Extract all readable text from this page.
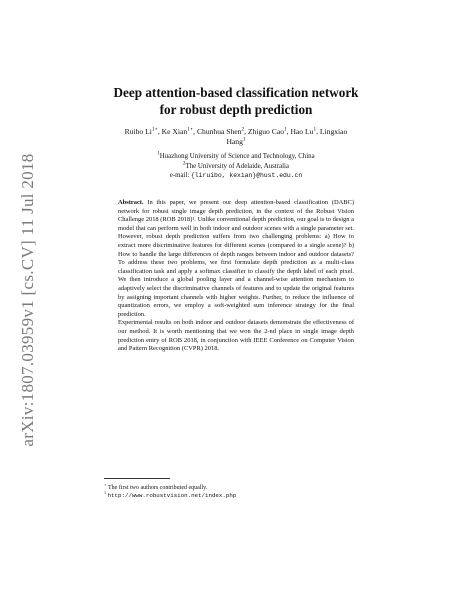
arXiv:1807.03959v1 [cs.CV] 11 Jul 2018
Deep attention-based classification network for robust depth prediction
Ruibo $Li^{1⋆}$, Ke Xian$^{1⋆}$, Chunhua Shen$^2$, Zhiguo Cao$^1$, Hao Lu$^1$, Lingxiao Hang$^1$
$^1$Huazhong University of Science and Technology, China
$^2$The University of Adelaide, Australia
e-mail: {liruibo, kexian}@hust.edu.cn

Abstract. In this paper, we present our deep attention-based classification (DABC) network for robust single image depth prediction, in the context of the Robust Vision Challenge 2018 (ROB 2018)¹. Unlike conventional depth prediction, our goal is to design a model that can perform well in both indoor and outdoor scenes with a single parameter set. However, robust depth prediction suffers from two challenging problems: a) How to extract more discriminative features for different scenes (compared to a single scene)? b) How to handle the large differences of depth ranges between indoor and outdoor datasets? To address these two problems, we first formulate depth prediction as a multi-class classification task and apply a softmax classifier to classify the depth label of each pixel. We then introduce a global pooling layer and a channel-wise attention mechanism to adaptively select the discriminative channels of features and to update the original features by assigning important channels with higher weights. Further, to reduce the influence of quantization errors, we employ a soft-weighted sum inference strategy for the final prediction.

Experimental results on both indoor and outdoor datasets demonstrate the effectiveness of our method. It is worth mentioning that we won the 2-nd place in single image depth prediction entry of ROB 2018, in conjunction with IEEE Conference on Computer Vision and Pattern Recognition (CVPR) 2018.

⋆ The first two authors contributed equally.
$^1$ http://www.robustvision.net/index.php
